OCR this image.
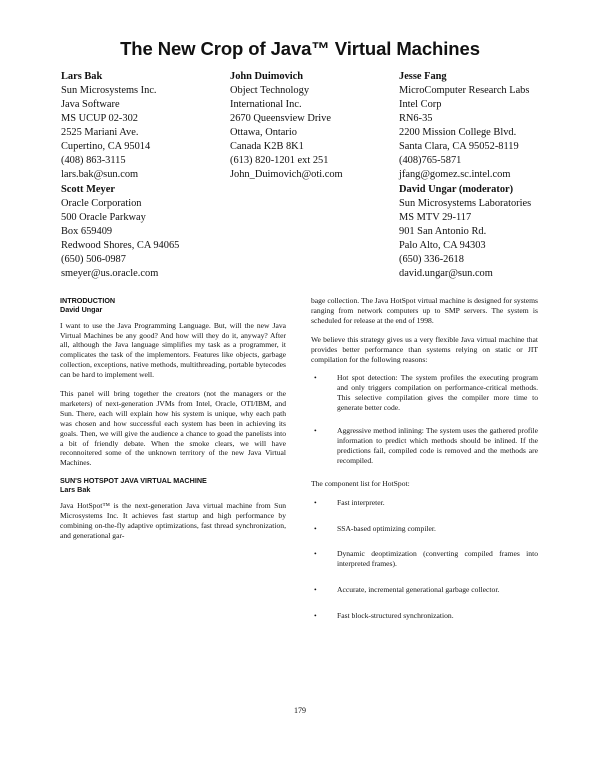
The New Crop of Java™ Virtual Machines
Lars Bak
Sun Microsystems Inc.
Java Software
MS UCUP 02-302
2525 Mariani Ave.
Cupertino, CA 95014
(408) 863-3115
lars.bak@sun.com
John Duimovich
Object Technology
International Inc.
2670 Queensview Drive
Ottawa, Ontario
Canada K2B 8K1
(613) 820-1201 ext 251
John_Duimovich@oti.com
Jesse Fang
MicroComputer Research Labs
Intel Corp
RN6-35
2200 Mission College Blvd.
Santa Clara, CA 95052-8119
(408)765-5871
jfang@gomez.sc.intel.com
Scott Meyer
Oracle Corporation
500 Oracle Parkway
Box 659409
Redwood Shores, CA 94065
(650) 506-0987
smeyer@us.oracle.com
David Ungar (moderator)
Sun Microsystems Laboratories
MS MTV 29-117
901 San Antonio Rd.
Palo Alto, CA 94303
(650) 336-2618
david.ungar@sun.com
INTRODUCTION
David Ungar

I want to use the Java Programming Language. But, will the new Java Virtual Machines be any good? And how will they do it, anyway? After all, although the Java language simplifies my task as a programmer, it complicates the task of the implementors. Features like objects, garbage collection, exceptions, native methods, multithreading, portable bytecodes can be hard to implement well.

This panel will bring together the creators (not the managers or the marketers) of next-generation JVMs from Intel, Oracle, OTI/IBM, and Sun. There, each will explain how his system is unique, why each path was chosen and how successful each system has been in achieving its goals. Then, we will give the audience a chance to goad the panelists into a bit of friendly debate. When the smoke clears, we will have reconnoitered some of the unknown territory of the new Java Virtual Machines.

SUN'S HOTSPOT JAVA VIRTUAL MACHINE
Lars Bak

Java HotSpot™ is the next-generation Java virtual machine from Sun Microsystems Inc. It achieves fast startup and high performance by combining on-the-fly adaptive optimizations, fast thread synchronization, and generational gar-

bage collection. The Java HotSpot virtual machine is designed for systems ranging from network computers up to SMP servers. The system is scheduled for release at the end of 1998.

We believe this strategy gives us a very flexible Java virtual machine that provides better performance than systems relying on static or JIT compilation for the following reasons:

•	Hot spot detection: The system profiles the executing program and only triggers compilation on performance-critical methods. This selective compilation gives the compiler more time to generate better code.
•	Aggressive method inlining: The system uses the gathered profile information to predict which methods should be inlined. If the predictions fail, compiled code is removed and the methods are recompiled.

The component list for HotSpot:

•	Fast interpreter.
•	SSA-based optimizing compiler.
•	Dynamic deoptimization (converting compiled frames into interpreted frames).
•	Accurate, incremental generational garbage collector.
•	Fast block-structured synchronization.
179
